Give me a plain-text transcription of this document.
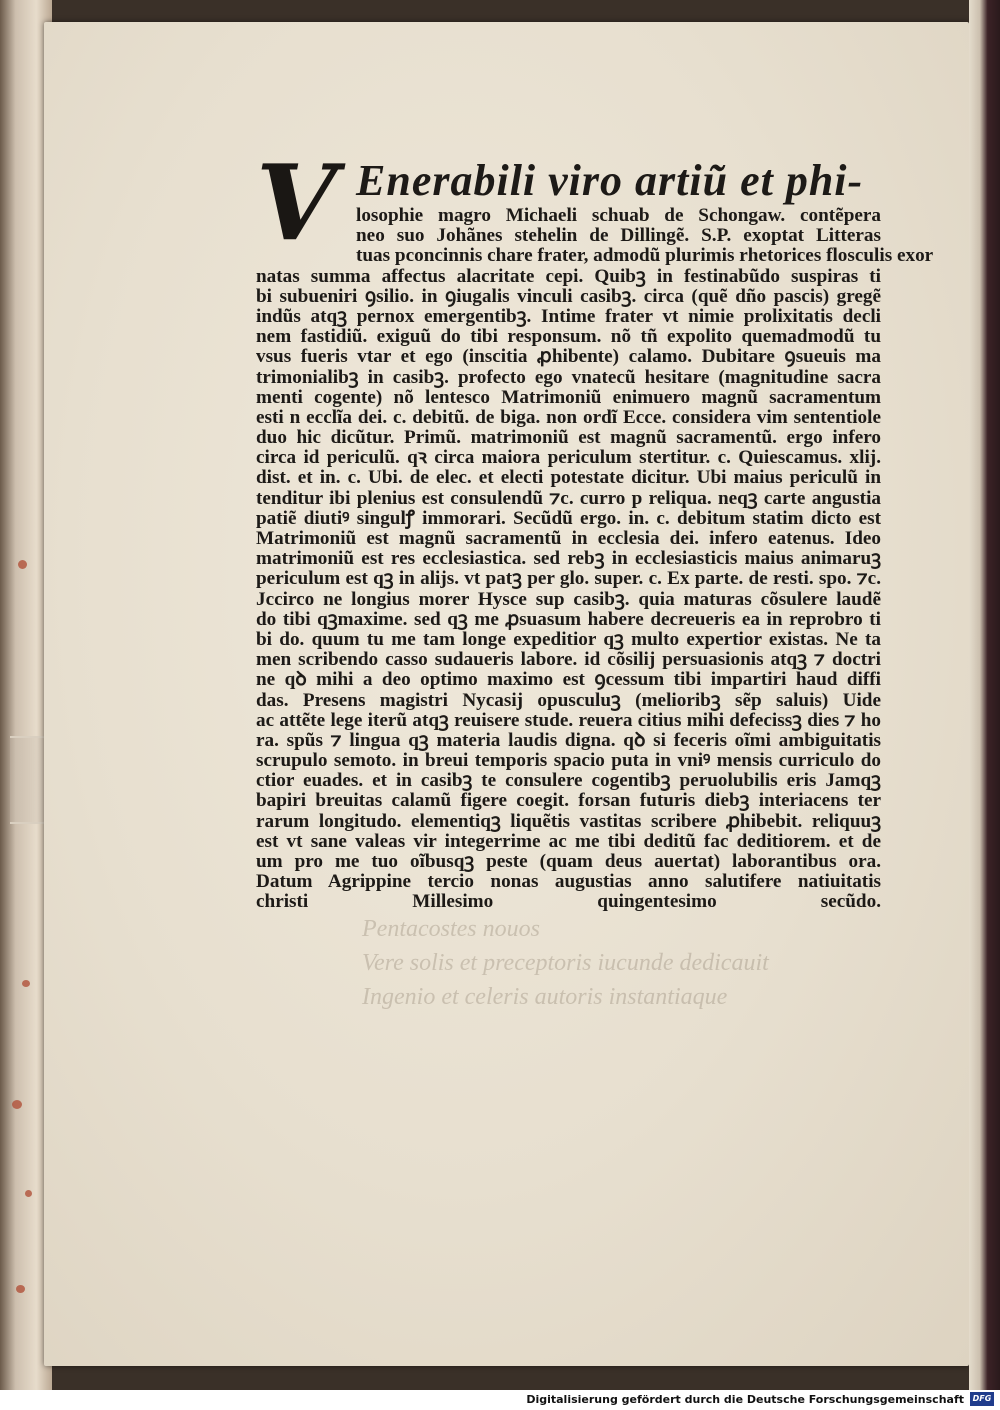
Pentacostes nouos
Vere solis et preceptoris iucunde dedicauit
Ingenio et celeris autoris instantiaque
V Enerabili viro artiũ et phi-
losophie magro Michaeli schuab de Schongaw. contẽpera
neo suo Johãnes stehelin de Dillingẽ. S.P. exoptat Litteras
tuas pconcinnis chare frater, admodũ plurimis rhetorices flosculis exor
natas summa affectus alacritate cepi. Quibꝫ in festinabũdo suspiras ti
bi subueniri ꝯsilio. in ꝯiugalis vinculi casibꝫ. circa (quẽ dño pascis) gregẽ
indũs atqꝫ pernox emergentibꝫ. Intime frater vt nimie prolixitatis decli
nem fastidiũ. exiguũ do tibi responsum. nõ tñ expolito quemadmodũ tu
vsus fueris vtar et ego (inscitia ꝓhibente) calamo. Dubitare ꝯsueuis ma
trimonialibꝫ in casibꝫ. profecto ego vnatecũ hesitare (magnitudine sacra
menti cogente) nõ lentesco Matrimoniũ enimuero magnũ sacramentum
esti n ecclĩa dei. c. debitũ. de biga. non ordĩ Ecce. considera vim sententiole
duo hic dicũtur. Primũ. matrimoniũ est magnũ sacramentũ. ergo infero
circa id periculũ. qꝛ circa maiora periculum stertitur. c. Quiescamus. xlij.
dist. et in. c. Ubi. de elec. et electi potestate dicitur. Ubi maius periculũ in
tenditur ibi plenius est consulendũ ⁊c. curro p reliqua. neqꝫ carte angustia
patiẽ diutiꝰ singulꝭ immorari. Secũdũ ergo. in. c. debitum statim dicto est
Matrimoniũ est magnũ sacramentũ in ecclesia dei. infero eatenus. Ideo
matrimoniũ est res ecclesiastica. sed rebꝫ in ecclesiasticis maius animaruꝫ
periculum est qꝫ in alijs. vt patꝫ per glo. super. c. Ex parte. de resti. spo. ⁊c.
Jccirco ne longius morer Hysce sup casibꝫ. quia maturas cõsulere laudẽ
do tibi qꝫmaxime. sed qꝫ me ꝓsuasum habere decreueris ea in reprobro ti
bi do. quum tu me tam longe expeditior qꝫ multo expertior existas. Ne ta
men scribendo casso sudaueris labore. id cõsilij persuasionis atqꝫ ⁊ doctri
ne qꝺ mihi a deo optimo maximo est ꝯcessum tibi impartiri haud diffi
das. Presens magistri Nycasij opusculuꝫ (melioribꝫ sẽp saluis) Uide
ac attẽte lege iterũ atqꝫ reuisere stude. reuera citius mihi defecissꝫ dies ⁊ ho
ra. spũs ⁊ lingua qꝫ materia laudis digna. qꝺ si feceris oĩmi ambiguitatis
scrupulo semoto. in breui temporis spacio puta in vniꝰ mensis curriculo do
ctior euades. et in casibꝫ te consulere cogentibꝫ peruolubilis eris Jamqꝫ
bapiri breuitas calamũ figere coegit. forsan futuris diebꝫ interiacens ter
rarum longitudo. elementiqꝫ liquẽtis vastitas scribere ꝓhibebit. reliquuꝫ
est vt sane valeas vir integerrime ac me tibi deditũ fac deditiorem. et de
um pro me tuo oĩbusqꝫ peste (quam deus auertat) laborantibus ora.
Datum Agrippine tercio nonas augustias anno salutifere natiuitatis
christi Millesimo quingentesimo secũdo.
Digitalisierung gefördert durch die Deutsche Forschungsgemeinschaft	DFG
